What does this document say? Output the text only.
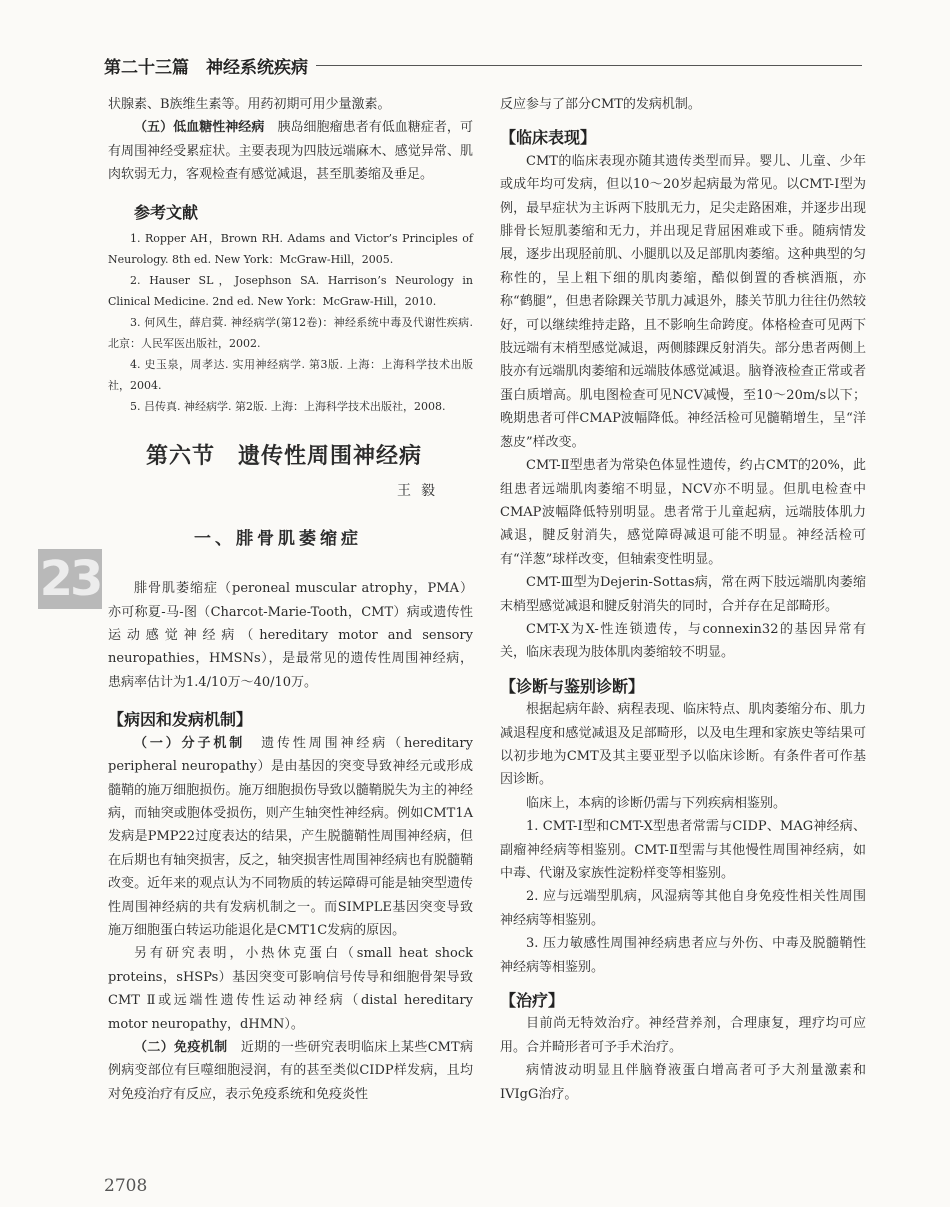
第二十三篇　神经系统疾病
23

状腺素、B族维生素等。用药初期可用少量激素。

（五）低血糖性神经病　 胰岛细胞瘤患者有低血糖症者，可有周围神经受累症状。主要表现为四肢远端麻木、感觉异常、肌肉软弱无力，客观检查有感觉减退，甚至肌萎缩及垂足。

参考文献

1. Ropper AH，Brown RH. Adams and Victor’s Principles of Neurology. 8th ed. New York：McGraw-Hill，2005.

2. Hauser SL，Josephson SA. Harrison’s Neurology in Clinical Medicine. 2nd ed. New York：McGraw-Hill，2010.

3. 何风生，薛启蓂. 神经病学(第12卷)：神经系统中毒及代谢性疾病. 北京：人民军医出版社，2002.

4. 史玉泉，周孝达. 实用神经病学. 第3版. 上海：上海科学技术出版社，2004.

5. 吕传真. 神经病学. 第2版. 上海：上海科学技术出版社，2008.

第六节　遗传性周围神经病
王毅
一、腓骨肌萎缩症

腓骨肌萎缩症（peroneal muscular atrophy，PMA）亦可称夏-马-图（Charcot-Marie-Tooth，CMT）病或遗传性运动感觉神经病（hereditary motor and sensory neuropathies，HMSNs），是最常见的遗传性周围神经病，患病率估计为1.4/10万～40/10万。

【病因和发病机制】

（一）分子机制　 遗传性周围神经病（hereditary peripheral neuropathy）是由基因的突变导致神经元或形成髓鞘的施万细胞损伤。施万细胞损伤导致以髓鞘脱失为主的神经病，而轴突或胞体受损伤，则产生轴突性神经病。例如CMT1A发病是PMP22过度表达的结果，产生脱髓鞘性周围神经病，但在后期也有轴突损害，反之，轴突损害性周围神经病也有脱髓鞘改变。近年来的观点认为不同物质的转运障碍可能是轴突型遗传性周围神经病的共有发病机制之一。而SIMPLE基因突变导致施万细胞蛋白转运功能退化是CMT1C发病的原因。

另有研究表明，小热休克蛋白（small heat shock proteins，sHSPs）基因突变可影响信号传导和细胞骨架导致CMT Ⅱ或远端性遗传性运动神经病（distal hereditary motor neuropathy，dHMN）。

（二）免疫机制　 近期的一些研究表明临床上某些CMT病例病变部位有巨噬细胞浸润，有的甚至类似CIDP样发病，且均对免疫治疗有反应，表示免疫系统和免疫炎性

反应参与了部分CMT的发病机制。

【临床表现】

CMT的临床表现亦随其遗传类型而异。婴儿、儿童、少年或成年均可发病，但以10～20岁起病最为常见。以CMT-Ⅰ型为例，最早症状为主诉两下肢肌无力，足尖走路困难，并逐步出现腓骨长短肌萎缩和无力，并出现足背屈困难或下垂。随病情发展，逐步出现胫前肌、小腿肌以及足部肌肉萎缩。这种典型的匀称性的，呈上粗下细的肌肉萎缩，酷似倒置的香槟酒瓶，亦称“鹤腿”，但患者除踝关节肌力减退外，膝关节肌力往往仍然较好，可以继续维持走路，且不影响生命跨度。体格检查可见两下肢远端有末梢型感觉减退，两侧膝踝反射消失。部分患者两侧上肢亦有远端肌肉萎缩和远端肢体感觉减退。脑脊液检查正常或者蛋白质增高。肌电图检查可见NCV减慢，至10～20m/s以下；晚期患者可伴CMAP波幅降低。神经活检可见髓鞘增生，呈“洋葱皮”样改变。

CMT-Ⅱ型患者为常染色体显性遗传，约占CMT的20%，此组患者远端肌肉萎缩不明显，NCV亦不明显。但肌电检查中CMAP波幅降低特别明显。患者常于儿童起病，远端肢体肌力减退，腱反射消失，感觉障碍减退可能不明显。神经活检可有“洋葱”球样改变，但轴索变性明显。

CMT-Ⅲ型为Dejerin-Sottas病，常在两下肢远端肌肉萎缩末梢型感觉减退和腱反射消失的同时，合并存在足部畸形。

CMT-X为X-性连锁遗传，与connexin32的基因异常有关，临床表现为肢体肌肉萎缩较不明显。

【诊断与鉴别诊断】

根据起病年龄、病程表现、临床特点、肌肉萎缩分布、肌力减退程度和感觉减退及足部畸形，以及电生理和家族史等结果可以初步地为CMT及其主要亚型予以临床诊断。有条件者可作基因诊断。

临床上，本病的诊断仍需与下列疾病相鉴别。

1. CMT-Ⅰ型和CMT-X型患者常需与CIDP、MAG神经病、副瘤神经病等相鉴别。CMT-Ⅱ型需与其他慢性周围神经病，如中毒、代谢及家族性淀粉样变等相鉴别。

2. 应与远端型肌病，风湿病等其他自身免疫性相关性周围神经病等相鉴别。

3. 压力敏感性周围神经病患者应与外伤、中毒及脱髓鞘性神经病等相鉴别。

【治疗】

目前尚无特效治疗。神经营养剂，合理康复，理疗均可应用。合并畸形者可予手术治疗。

病情波动明显且伴脑脊液蛋白增高者可予大剂量激素和IVIgG治疗。

2708
